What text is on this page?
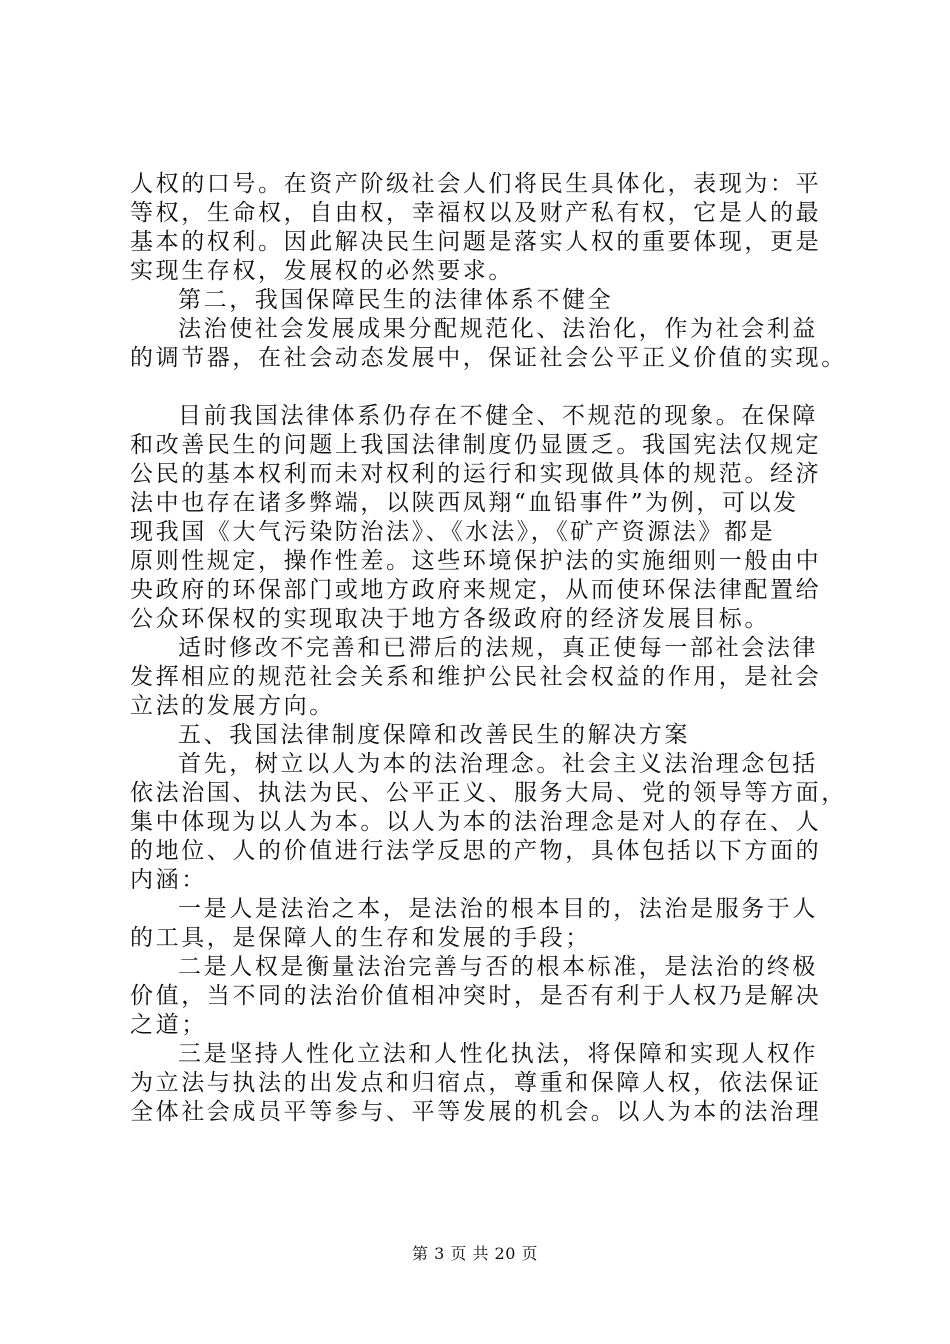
人权的口号。在资产阶级社会人们将民生具体化，表现为：平
等权，生命权，自由权，幸福权以及财产私有权，它是人的最
基本的权利。因此解决民生问题是落实人权的重要体现，更是
实现生存权，发展权的必然要求。
第二，我国保障民生的法律体系不健全
法治使社会发展成果分配规范化、法治化，作为社会利益
的调节器，在社会动态发展中，保证社会公平正义价值的实现。
目前我国法律体系仍存在不健全、不规范的现象。在保障
和改善民生的问题上我国法律制度仍显匮乏。我国宪法仅规定
公民的基本权利而未对权利的运行和实现做具体的规范。经济
法中也存在诸多弊端，以陕西凤翔“血铅事件”为例，可以发
现我国《大气污染防治法》、《水法》，《矿产资源法》都是
原则性规定，操作性差。这些环境保护法的实施细则一般由中
央政府的环保部门或地方政府来规定，从而使环保法律配置给
公众环保权的实现取决于地方各级政府的经济发展目标。
适时修改不完善和已滞后的法规，真正使每一部社会法律
发挥相应的规范社会关系和维护公民社会权益的作用，是社会
立法的发展方向。
五、我国法律制度保障和改善民生的解决方案
首先，树立以人为本的法治理念。社会主义法治理念包括
依法治国、执法为民、公平正义、服务大局、党的领导等方面，
集中体现为以人为本。以人为本的法治理念是对人的存在、人
的地位、人的价值进行法学反思的产物，具体包括以下方面的
内涵：
一是人是法治之本，是法治的根本目的，法治是服务于人
的工具，是保障人的生存和发展的手段；
二是人权是衡量法治完善与否的根本标准，是法治的终极
价值，当不同的法治价值相冲突时，是否有利于人权乃是解决
之道；
三是坚持人性化立法和人性化执法，将保障和实现人权作
为立法与执法的出发点和归宿点，尊重和保障人权，依法保证
全体社会成员平等参与、平等发展的机会。以人为本的法治理
第 3 页 共 20 页
